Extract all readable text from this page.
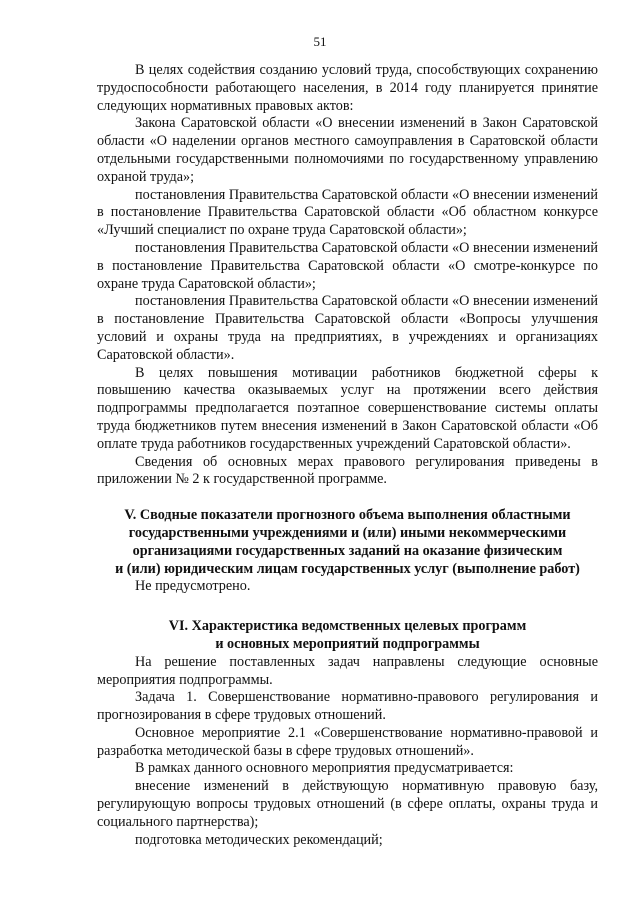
51

В целях содействия созданию условий труда, способствующих сохранению трудоспособности работающего населения, в 2014 году планируется принятие следующих нормативных правовых актов:

Закона Саратовской области «О внесении изменений в Закон Саратовской области «О наделении органов местного самоуправления в Саратовской области отдельными государственными полномочиями по государственному управлению охраной труда»;

постановления Правительства Саратовской области «О внесении изменений в постановление Правительства Саратовской области «Об областном конкурсе «Лучший специалист по охране труда Саратовской области»;

постановления Правительства Саратовской области «О внесении изменений в постановление Правительства Саратовской области «О смотре-конкурсе по охране труда Саратовской области»;

постановления Правительства Саратовской области «О внесении изменений в постановление Правительства Саратовской области «Вопросы улучшения условий и охраны труда на предприятиях, в учреждениях и организациях Саратовской области».

В целях повышения мотивации работников бюджетной сферы к повышению качества оказываемых услуг на протяжении всего действия подпрограммы предполагается поэтапное совершенствование системы оплаты труда бюджетников путем внесения изменений в Закон Саратовской области «Об оплате труда работников государственных учреждений Саратовской области».

Сведения об основных мерах правового регулирования приведены в приложении № 2 к государственной программе.

V. Сводные показатели прогнозного объема выполнения областными
государственными учреждениями и (или) иными некоммерческими
организациями государственных заданий на оказание физическим
и (или) юридическим лицам государственных услуг (выполнение работ)

Не предусмотрено.

VI. Характеристика ведомственных целевых программ
и основных мероприятий подпрограммы

На решение поставленных задач направлены следующие основные мероприятия подпрограммы.

Задача 1. Совершенствование нормативно-правового регулирования и прогнозирования в сфере трудовых отношений.

Основное мероприятие 2.1 «Совершенствование нормативно-правовой и разработка методической базы в сфере трудовых отношений».

В рамках данного основного мероприятия предусматривается:

внесение изменений в действующую нормативную правовую базу, регулирующую вопросы трудовых отношений (в сфере оплаты, охраны труда и социального партнерства);

подготовка методических рекомендаций;
